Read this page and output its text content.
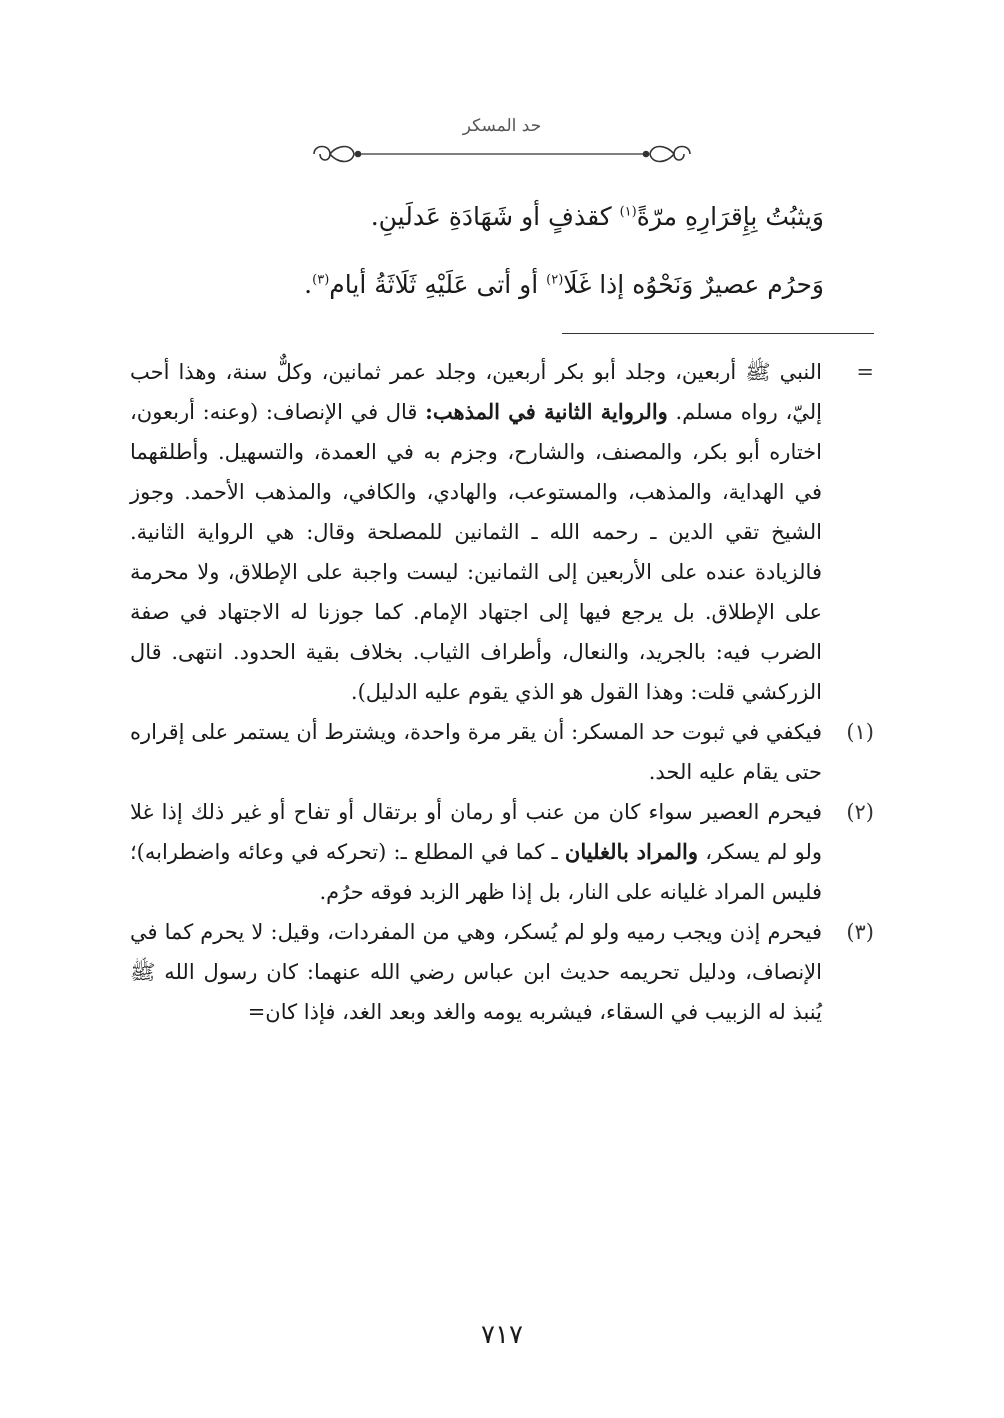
حد المسكر
وَيثبُتُ بِإِقرَارِهِ مرّةً$^{(١)}$ كقذفٍ أو شَهَادَةِ عَدلَينِ.
وَحرُم عصيرٌ وَنَحْوُه إذا غَلَا$^{(٢)}$ أو أتى عَلَيْهِ ثَلَاثَةُ أيام$^{(٣)}$.
=
النبي ﷺ أربعين، وجلد أبو بكر أربعين، وجلد عمر ثمانين، وكلٌّ سنة، وهذا أحب إليّ، رواه مسلم. والرواية الثانية في المذهب: قال في الإنصاف: (وعنه: أربعون، اختاره أبو بكر، والمصنف، والشارح، وجزم به في العمدة، والتسهيل. وأطلقهما في الهداية، والمذهب، والمستوعب، والهادي، والكافي، والمذهب الأحمد. وجوز الشيخ تقي الدين ـ رحمه الله ـ الثمانين للمصلحة وقال: هي الرواية الثانية. فالزيادة عنده على الأربعين إلى الثمانين: ليست واجبة على الإطلاق، ولا محرمة على الإطلاق. بل يرجع فيها إلى اجتهاد الإمام. كما جوزنا له الاجتهاد في صفة الضرب فيه: بالجريد، والنعال، وأطراف الثياب. بخلاف بقية الحدود. انتهى. قال الزركشي قلت: وهذا القول هو الذي يقوم عليه الدليل).
(١)
فيكفي في ثبوت حد المسكر: أن يقر مرة واحدة، ويشترط أن يستمر على إقراره حتى يقام عليه الحد.
(٢)
فيحرم العصير سواء كان من عنب أو رمان أو برتقال أو تفاح أو غير ذلك إذا غلا ولو لم يسكر، والمراد بالغليان ـ كما في المطلع ـ: (تحركه في وعائه واضطرابه)؛ فليس المراد غليانه على النار، بل إذا ظهر الزبد فوقه حرُم.
(٣)
فيحرم إذن ويجب رميه ولو لم يُسكر، وهي من المفردات، وقيل: لا يحرم كما في الإنصاف، ودليل تحريمه حديث ابن عباس رضي الله عنهما: كان رسول الله ﷺ يُنبذ له الزبيب في السقاء، فيشربه يومه والغد وبعد الغد، فإذا كان=
٧١٧
